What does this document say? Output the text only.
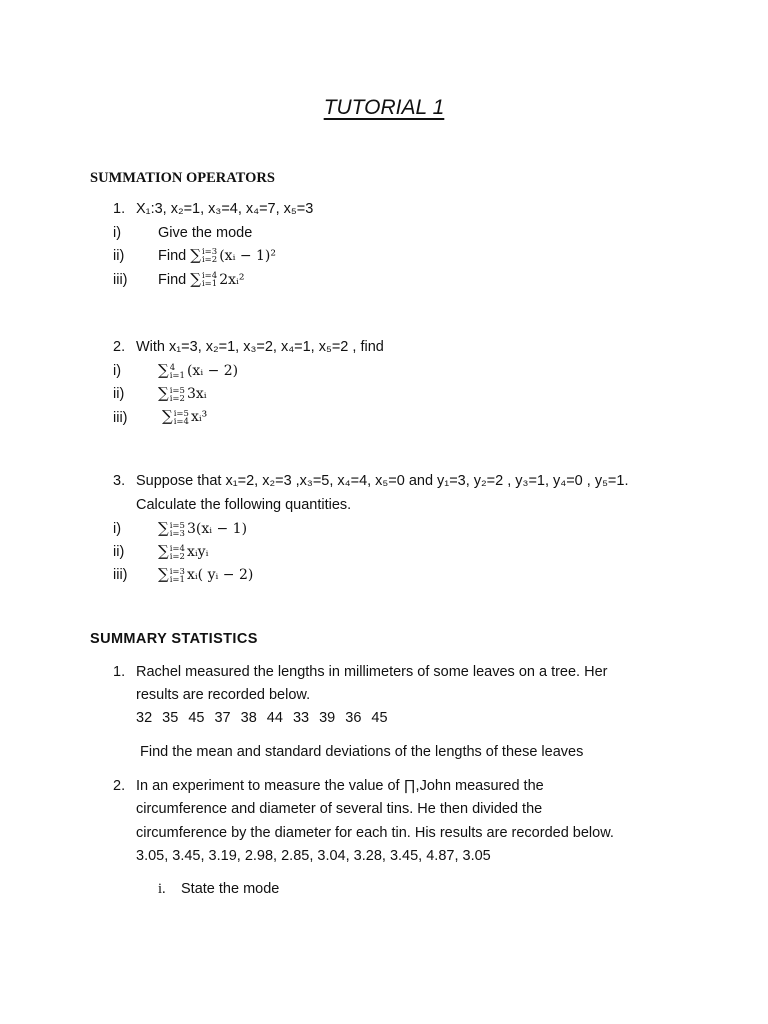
TUTORIAL 1
SUMMATION OPERATORS
1. X₁:3, x₂=1, x₃=4, x₄=7, x₅=3
i)	Give the mode
ii) Find ∑ i=3
i=2 (xᵢ − 1)²
iii) Find ∑ i=4
i=1 2xᵢ²
2. With x₁=3, x₂=1, x₃=2, x₄=1, x₅=2 , find
i) ∑ 4
i=1 (xᵢ − 2)
ii) ∑ i=5
i=2 3xᵢ
iii) ∑ i=5
i=4 xᵢ³
3. Suppose that x₁=2, x₂=3 ,x₃=5, x₄=4, x₅=0 and y₁=3, y₂=2 , y₃=1, y₄=0 , y₅=1.
Calculate the following quantities.
i) ∑ i=5
i=3 3(xᵢ − 1)
ii) ∑ i=4
i=2 xᵢyᵢ
iii) ∑ i=3
i=1 xᵢ( yᵢ − 2)
SUMMARY STATISTICS
1. Rachel measured the lengths in millimeters of some leaves on a tree. Her
results are recorded below.
32 35 45 37 38 44 33 39 36 45
Find the mean and standard deviations of the lengths of these leaves
2. In an experiment to measure the value of ∏,John measured the
circumference and diameter of several tins. He then divided the
circumference by the diameter for each tin. His results are recorded below.
3.05, 3.45, 3.19, 2.98, 2.85, 3.04, 3.28, 3.45, 4.87, 3.05
i. State the mode
